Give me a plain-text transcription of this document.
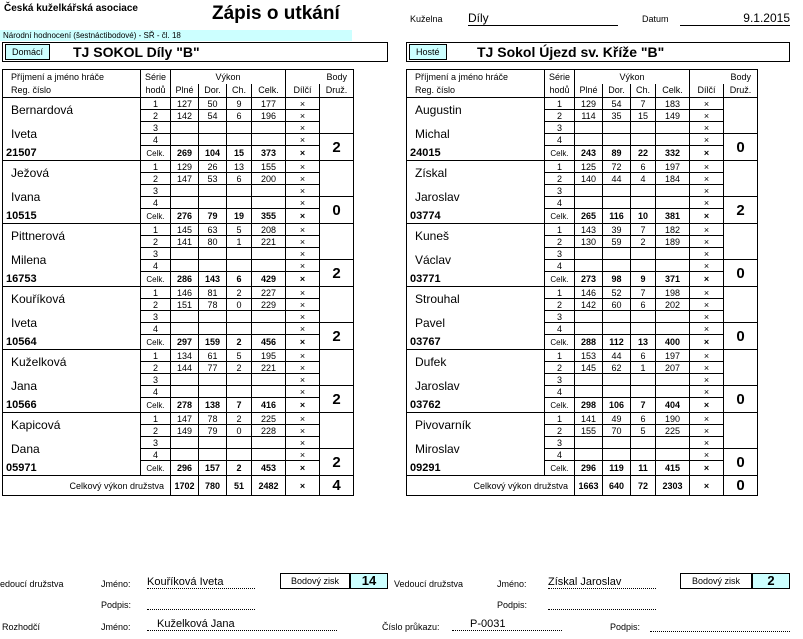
Česká kuželkářská asociace	Zápis o utkání
Národní hodnocení (šestnáctibodové) - SŘ - čl. 18
Kuželna Díly	Datum	9.1.2015
Domácí	TJ SOKOL Díly "B"	Hosté	TJ Sokol Újezd sv. Kříže "B"
Příjmení a jméno hráče	Série	Výkon				Body	
Reg. číslo	hodů	Plné	Dor.	Ch.	Celk.	Dílčí	Druž.
Bernardová	1	127	50	9	177	×	
	2	142	54	6	196	×	
Iveta	3					×	
	4					×	2
21507	Celk.	269	104	15	373	×	
Ježová	1	129	26	13	155	×	
	2	147	53	6	200	×	
Ivana	3					×	
	4					×	0
10515	Celk.	276	79	19	355	×	
Pittnerová	1	145	63	5	208	×	
	2	141	80	1	221	×	
Milena	3					×	
	4					×	2
16753	Celk.	286	143	6	429	×	
Kouříková	1	146	81	2	227	×	
	2	151	78	0	229	×	
Iveta	3					×	
	4					×	2
10564	Celk.	297	159	2	456	×	
Kuželková	1	134	61	5	195	×	
	2	144	77	2	221	×	
Jana	3					×	
	4					×	2
10566	Celk.	278	138	7	416	×	
Kapicová	1	147	78	2	225	×	
	2	149	79	0	228	×	
Dana	3					×	
	4					×	2
05971	Celk.	296	157	2	453	×	
Celkový výkon družstva		1702	780	51	2482	×	4
Příjmení a jméno hráče	Série	Výkon				Body	
Reg. číslo	hodů	Plné	Dor.	Ch.	Celk.	Dílčí	Druž.
Augustin	1	129	54	7	183	×	
	2	114	35	15	149	×	
Michal	3					×	
	4					×	0
24015	Celk.	243	89	22	332	×	
Získal	1	125	72	6	197	×	
	2	140	44	4	184	×	
Jaroslav	3					×	
	4					×	2
03774	Celk.	265	116	10	381	×	
Kuneš	1	143	39	7	182	×	
	2	130	59	2	189	×	
Václav	3					×	
	4					×	0
03771	Celk.	273	98	9	371	×	
Strouhal	1	146	52	7	198	×	
	2	142	60	6	202	×	
Pavel	3					×	
	4					×	0
03767	Celk.	288	112	13	400	×	
Dufek	1	153	44	6	197	×	
	2	145	62	1	207	×	
Jaroslav	3					×	
	4					×	0
03762	Celk.	298	106	7	404	×	
Pivovarník	1	141	49	6	190	×	
	2	155	70	5	225	×	
Miroslav	3					×	
	4					×	0
09291	Celk.	296	119	11	415	×	
Celkový výkon družstva		1663	640	72	2303	×	0
edoucí družstva	Jméno: Kouříková Iveta	Bodový zisk	14	Vedoucí družstva	Jméno: Získal Jaroslav	Bodový zisk	2
Podpis:	Podpis:
Rozhodčí	Jméno:	Kuželková Jana	Číslo průkazu:	P-0031	Podpis:
